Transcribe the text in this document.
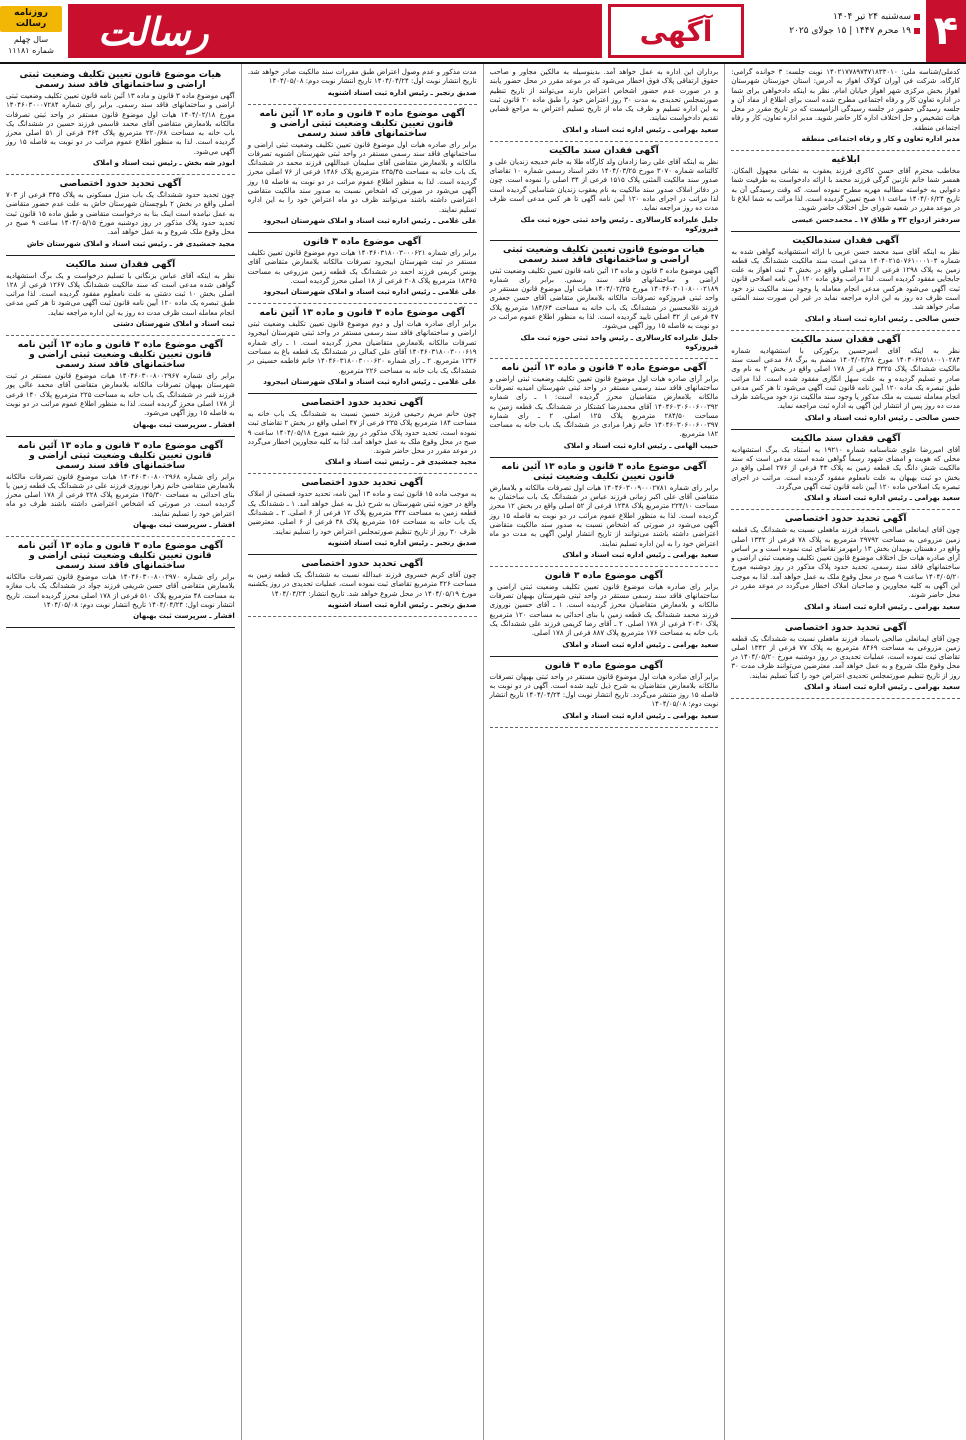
۴
سه‌شنبه ۲۴ تیر ۱۴۰۴
۱۹ محرم ۱۴۴۷ | ۱۵ جولای ۲۰۲۵
آگهی
رسالت
روزنامه رسالت
سال چهلم
شماره ۱۱۱۸۱

کدملی/شناسه ملی: ۱۴۰۲۱۷۷۸۹۷۴۷۱۸۳۳۰۱۰ نوبت جلسه: ۳ خوانده گرامی: کارگاه، شرکت فی آوران کولاک اهواز به آدرس: استان خوزستان شهرستان اهواز بخش مرکزی شهر اهواز خیابان امام. نظر به اینکه دادخواهی برای شما در اداره تعاون کار و رفاه اجتماعی مطرح شده است برای اطلاع از مفاد آن و جلسه رسیدگی حضور در جلسه رسیدگی الزامیست که در تاریخ مقرر در محل هیات تشخیص و حل اختلاف اداره کار حاضر شوید. مدیر اداره تعاون، کار و رفاه اجتماعی منطقه.

مدیر اداره تعاون و کار و رفاه اجتماعی منطقه

ابلاغیه

مخاطب محترم آقای حسن کاکری فرزند یعقوب به نشانی مجهول المکان. همسر شما خانم نازنین گرگی فرزند محمد با ارائه دادخواست به طرفیت شما دعوایی به خواسته مطالبه مهریه مطرح نموده است. که وقت رسیدگی آن به تاریخ ۱۴۰۴/۰۶/۲۴ ساعت ۱۱ صبح تعیین گردیده است. لذا مراتب به شما ابلاغ تا در موعد مقرر در شعبه شورای حل اختلاف حاضر شوید.

سردفتر ازدواج ۴۳ و طلاق ۱۷ ـ محمدحسن عیسی

آگهی فقدان سندمالکیت

نظر به اینکه آقای سید محمد حسن عربی با ارائه استشهادیه گواهی شده به شماره ۱۴۰۴۰۲۱۵۰۷۶۱۰۰۰۱۰۴ مدعی است سند مالکیت ششدانگ یک قطعه زمین به پلاک ۱۲۹۸ فرعی از ۲۱۲ اصلی واقع در بخش ۳ ثبت اهواز به علت جابجایی مفقود گردیده است. لذا مراتب وفق ماده ۱۲۰ آیین نامه اصلاحی قانون ثبت آگهی می‌شود هرکس مدعی انجام معامله یا وجود سند مالکیت نزد خود است ظرف ده روز به این اداره مراجعه نماید در غیر این صورت سند المثنی صادر خواهد شد.

حسن صالحی ـ رئیس اداره ثبت اسناد و املاک

آگهی فقدان سند مالکیت

نظر به اینکه آقای امیرحسین برکورکی با استشهادیه شماره ۱۴۰۴۰۶۲۵۱۸۰۰۱۰۲۸۴ مورخ ۱۴۰۴/۰۳/۲۸ منضم به برگ ۶۸ مدعی است سند مالکیت ششدانگ پلاک ۳۳۲۵ فرعی از ۱۷۸ اصلی واقع در بخش ۲ به نام وی صادر و تسلیم گردیده و به علت سهل انگاری مفقود شده است. لذا مراتب طبق تبصره یک ماده ۱۲۰ آیین نامه قانون ثبت آگهی می‌شود تا هر کس مدعی انجام معامله نسبت به ملک مذکور یا وجود سند مالکیت نزد خود می‌باشد ظرف مدت ده روز پس از انتشار این آگهی به اداره ثبت مراجعه نماید.

حسن صالحی ـ رئیس اداره ثبت اسناد و املاک

آگهی فقدان سند مالکیت

آقای امیررضا علوی شناسنامه شماره ۱۹۲۱۰ به استناد یک برگ استشهادیه محلی که هویت و امضای شهود رسماً گواهی شده است مدعی است که سند مالکیت شش دانگ یک قطعه زمین به پلاک ۴۳ فرعی از ۲۷۶ اصلی واقع در بخش دو ثبت بهبهان به علت نامعلوم مفقود گردیده است. مراتب در اجرای تبصره یک اصلاحی ماده ۱۲۰ آیین نامه قانون ثبت آگهی می‌گردد.

سعید بهرامی ـ رئیس اداره ثبت اسناد و املاک

آگهی تحدید حدود اختصاصی

چون آقای ایمانعلی صالحی باسماد فرزند ماهعلی نسبت به ششدانگ یک قطعه زمین مزروعی به مساحت ۲۹۷۹۲ مترمربع به پلاک ۷۸ فرعی از ۱۳۴۲ اصلی واقع در دهستان بوبیدان بخش ۱۳ رامهرمز تقاضای ثبت نموده است و بر اساس آرای صادره هیات حل اختلاف موضوع قانون تعیین تکلیف وضعیت ثبتی اراضی و ساختمانهای فاقد سند رسمی، تحدید حدود پلاک مذکور در روز دوشنبه مورخ ۱۴۰۴/۰۵/۲۰ ساعت ۹ صبح در محل وقوع ملک به عمل خواهد آمد. لذا به موجب این آگهی به کلیه مجاورین و صاحبان املاک اخطار می‌گردد در موعد مقرر در محل حاضر شوند.

سعید بهرامی ـ رئیس اداره ثبت اسناد و املاک

آگهی تحدید حدود اختصاصی

چون آقای ایمانعلی صالحی باسماد فرزند ماهعلی نسبت به ششدانگ یک قطعه زمین مزروعی به مساحت ۸۴۶۹ مترمربع به پلاک ۷۷ فرعی از ۱۳۴۲ اصلی تقاضای ثبت نموده است، عملیات تحدیدی در روز دوشنبه مورخ ۱۴۰۴/۰۵/۲۰ در محل وقوع ملک شروع و به عمل خواهد آمد. معترضین می‌توانند ظرف مدت ۳۰ روز از تاریخ تنظیم صورتمجلس تحدیدی اعتراض خود را کتباً تسلیم نمایند.

سعید بهرامی ـ رئیس اداره ثبت اسناد و املاک

برداران این اداره به عمل خواهد آمد. بدینوسیله به مالکین مجاور و صاحب حقوق ارتفاقی پلاک فوق اخطار می‌شود که در موعد مقرر در محل حضور یابند و در صورت عدم حضور اشخاص اعتراض دارند می‌توانند از تاریخ تنظیم صورتمجلس تحدیدی به مدت ۳۰ روز اعتراض خود را طبق ماده ۲۰ قانون ثبت به این اداره تسلیم و ظرف یک ماه از تاریخ تسلیم اعتراض به مراجع قضایی تقدیم دادخواست نمایند.

سعید بهرامی ـ رئیس اداره ثبت اسناد و املاک

آگهی فقدان سند مالکیت

نظر به اینکه آقای علی رضا زادمان ولد کارگاه طلا به خانم خدیجه زندیان علی و کالتنامه شماره ۳۰۷۰ مورخ ۱۴۰۴/۰۳/۲۵ دفتر اسناد رسمی شماره ۱۰ تقاضای صدور سند مالکیت المثنی پلاک ۱۵۱۵ فرعی از ۳۴ اصلی را نموده است. چون در دفاتر املاک صدور سند مالکیت به نام یعقوب زندیان شناسایی گردیده است لذا مراتب در اجرای ماده ۱۲۰ آیین نامه آگهی تا هر کس مدعی است ظرف مدت ده روز مراجعه نماید.

جلیل علیزاده کارسالاری ـ رئیس واحد ثبتی حوزه ثبت ملک فیروزکوه

هیات موضوع قانون تعیین تکلیف وضعیت ثبتی اراضی و ساختمانهای فاقد سند رسمی

آگهی موضوع ماده ۳ قانون و ماده ۱۳ آئین نامه قانون تعیین تکلیف وضعیت ثبتی اراضی و ساختمانهای فاقد سند رسمی. برابر رای شماره ۱۴۰۴۶۰۳۰۱۰۸۰۰۰۲۱۸۹ مورخ ۱۴۰۴/۰۲/۲۵ هیات اول موضوع قانون مستقر در واحد ثبتی فیروزکوه تصرفات مالکانه بلامعارض متقاضی آقای حسن جعفری فرزند غلامحسین در ششدانگ یک باب خانه به مساحت ۱۸۴/۶۴ مترمربع پلاک ۴۷ فرعی از ۳۲ اصلی تایید گردیده است. لذا به منظور اطلاع عموم مراتب در دو نوبت به فاصله ۱۵ روز آگهی می‌شود.

جلیل علیزاده کارسالاری ـ رئیس واحد ثبتی حوزه ثبت ملک فیروزکوه

آگهی موضوع ماده ۳ قانون و ماده ۱۳ آئین نامه

برابر آرای صادره هیات اول موضوع قانون تعیین تکلیف وضعیت ثبتی اراضی و ساختمانهای فاقد سند رسمی مستقر در واحد ثبتی شهرستان امیدیه تصرفات مالکانه بلامعارض متقاضیان محرز گردیده است: ۱ ـ رای شماره ۱۴۰۴۶۰۳۰۶۰۰۶۰۰۳۹۲ آقای محمدرضا کشتکار در ششدانگ یک قطعه زمین به مساحت ۲۸۴/۵۰ مترمربع پلاک ۱۲۵ اصلی. ۲ ـ رای شماره ۱۴۰۴۶۰۳۰۶۰۰۶۰۰۳۹۷ خانم زهرا مرادی در ششدانگ یک باب خانه به مساحت ۱۸۲ مترمربع.

حبیب الهامی ـ رئیس اداره ثبت اسناد و املاک

آگهی موضوع ماده ۳ قانون و ماده ۱۳ آئین نامه قانون تعیین تکلیف وضعیت ثبتی

برابر رای شماره ۱۴۰۴۶۰۳۰۰۹۰۰۰۲۷۸۱ هیات اول تصرفات مالکانه و بلامعارض متقاضی آقای علی اکبر زمانی فرزند عباس در ششدانگ یک باب ساختمان به مساحت ۲۲۴/۱۰ مترمربع پلاک ۱۲۳۸ فرعی از ۵۲ اصلی واقع در بخش ۱۲ محرز گردیده است. لذا به منظور اطلاع عموم مراتب در دو نوبت به فاصله ۱۵ روز آگهی می‌شود در صورتی که اشخاص نسبت به صدور سند مالکیت متقاضی اعتراضی داشته باشند می‌توانند از تاریخ انتشار اولین آگهی به مدت دو ماه اعتراض خود را به این اداره تسلیم نمایند.

سعید بهرامی ـ رئیس اداره ثبت اسناد و املاک

آگهی موضوع ماده ۳ قانون

برابر رای صادره هیات موضوع قانون تعیین تکلیف وضعیت ثبتی اراضی و ساختمانهای فاقد سند رسمی مستقر در واحد ثبتی شهرستان بهبهان تصرفات مالکانه و بلامعارض متقاضیان محرز گردیده است. ۱ ـ آقای حسین نوروزی فرزند محمد ششدانگ یک قطعه زمین با بنای احداثی به مساحت ۱۲۰ مترمربع پلاک ۲۰۳۰ فرعی از ۱۷۸ اصلی. ۲ ـ آقای رضا کریمی فرزند علی ششدانگ یک باب خانه به مساحت ۱۷۶ مترمربع پلاک ۸۸۷ فرعی از ۱۷۸ اصلی.

سعید بهرامی ـ رئیس اداره ثبت اسناد و املاک

آگهی موضوع ماده ۳ قانون

برابر آرای صادره هیات اول موضوع قانون مستقر در واحد ثبتی بهبهان تصرفات مالکانه بلامعارض متقاضیان به شرح ذیل تایید شده است. آگهی در دو نوبت به فاصله ۱۵ روز منتشر می‌گردد. تاریخ انتشار نوبت اول: ۱۴۰۴/۰۴/۲۴ تاریخ انتشار نوبت دوم: ۱۴۰۴/۰۵/۰۸

سعید بهرامی ـ رئیس اداره ثبت اسناد و املاک

مدت مذکور و عدم وصول اعتراض طبق مقررات سند مالکیت صادر خواهد شد. تاریخ انتشار نوبت اول: ۱۴۰۴/۰۴/۲۴ تاریخ انتشار نوبت دوم: ۱۴۰۴/۰۵/۰۸

صدیق رنجبر ـ رئیس اداره ثبت اسناد اشنویه

آگهی موضوع ماده ۳ قانون و ماده ۱۳ آئین نامه قانون تعیین تکلیف وضعیت ثبتی اراضی و ساختمانهای فاقد سند رسمی

برابر رای صادره هیات اول موضوع قانون تعیین تکلیف وضعیت ثبتی اراضی و ساختمانهای فاقد سند رسمی مستقر در واحد ثبتی شهرستان اشنویه تصرفات مالکانه و بلامعارض متقاضی آقای سلیمان عبداللهی فرزند محمد در ششدانگ یک باب خانه به مساحت ۲۳۵/۴۵ مترمربع پلاک ۱۴۸۶ فرعی از ۷۶ اصلی محرز گردیده است. لذا به منظور اطلاع عموم مراتب در دو نوبت به فاصله ۱۵ روز آگهی می‌شود در صورتی که اشخاص نسبت به صدور سند مالکیت متقاضی اعتراضی داشته باشند می‌توانند ظرف دو ماه اعتراض خود را به این اداره تسلیم نمایند.

علی غلامی ـ رئیس اداره ثبت اسناد و املاک شهرستان ابیجرود

آگهی موضوع ماده ۳ قانون

برابر رای شماره ۱۴۰۴۶۰۳۱۸۰۰۳۰۰۰۶۲۱ هیات دوم موضوع قانون تعیین تکلیف مستقر در ثبت شهرستان ابیجرود تصرفات مالکانه بلامعارض متقاضی آقای یونس کریمی فرزند احمد در ششدانگ یک قطعه زمین مزروعی به مساحت ۱۸۳۶۵ مترمربع پلاک ۲۰۸ فرعی از ۱۸ اصلی محرز گردیده است.

علی غلامی ـ رئیس اداره ثبت اسناد و املاک شهرستان ابیجرود

آگهی موضوع ماده ۳ قانون و ماده ۱۳ آئین نامه

برابر آرای صادره هیات اول و دوم موضوع قانون تعیین تکلیف وضعیت ثبتی اراضی و ساختمانهای فاقد سند رسمی مستقر در واحد ثبتی شهرستان ابیجرود تصرفات مالکانه بلامعارض متقاضیان محرز گردیده است. ۱ ـ رای شماره ۱۴۰۴۶۰۳۱۸۰۰۳۰۰۰۶۱۹ آقای علی کمالی در ششدانگ یک قطعه باغ به مساحت ۱۲۳۶ مترمربع. ۲ ـ رای شماره ۱۴۰۴۶۰۳۱۸۰۰۳۰۰۰۶۲۰ خانم فاطمه حسینی در ششدانگ یک باب خانه به مساحت ۲۲۶ مترمربع.

علی غلامی ـ رئیس اداره ثبت اسناد و املاک شهرستان ابیجرود

آگهی تحدید حدود اختصاصی

چون خانم مریم رحیمی فرزند حسین نسبت به ششدانگ یک باب خانه به مساحت ۱۸۴ مترمربع پلاک ۲۳۵ فرعی از ۴۷ اصلی واقع در بخش ۲ تقاضای ثبت نموده است، تحدید حدود پلاک مذکور در روز شنبه مورخ ۱۴۰۴/۰۵/۱۸ ساعت ۹ صبح در محل وقوع ملک به عمل خواهد آمد. لذا به کلیه مجاورین اخطار می‌گردد در موعد مقرر در محل حاضر شوند.

مجید جمشیدی فر ـ رئیس ثبت اسناد و املاک

آگهی تحدید حدود اختصاصی

به موجب ماده ۱۵ قانون ثبت و ماده ۱۳ آیین نامه، تحدید حدود قسمتی از املاک واقع در حوزه ثبتی شهرستان به شرح ذیل به عمل خواهد آمد. ۱ ـ ششدانگ یک قطعه زمین به مساحت ۳۴۲ مترمربع پلاک ۱۲ فرعی از ۶ اصلی. ۲ ـ ششدانگ یک باب خانه به مساحت ۱۵۶ مترمربع پلاک ۳۸ فرعی از ۶ اصلی. معترضین ظرف ۳۰ روز از تاریخ تنظیم صورتمجلس اعتراض خود را تسلیم نمایند.

صدیق رنجبر ـ رئیس اداره ثبت اسناد اشنویه

آگهی تحدید حدود اختصاصی

چون آقای کریم خسروی فرزند عبدالله نسبت به ششدانگ یک قطعه زمین به مساحت ۴۲۶ مترمربع تقاضای ثبت نموده است، عملیات تحدیدی در روز یکشنبه مورخ ۱۴۰۴/۰۵/۱۹ در محل شروع خواهد شد. تاریخ انتشار: ۱۴۰۴/۰۴/۲۴

صدیق رنجبر ـ رئیس اداره ثبت اسناد اشنویه

هیات موضوع قانون تعیین تکلیف وضعیت ثبتی اراضی و ساختمانهای فاقد سند رسمی

آگهی موضوع ماده ۳ قانون و ماده ۱۳ آئین نامه قانون تعیین تکلیف وضعیت ثبتی اراضی و ساختمانهای فاقد سند رسمی. برابر رای شماره ۱۴۰۴۶۰۳۰۰۰۷۲۸۴ مورخ ۱۴۰۴/۰۲/۱۸ هیات اول موضوع قانون مستقر در واحد ثبتی تصرفات مالکانه بلامعارض متقاضی آقای محمد قاسمی فرزند حسین در ششدانگ یک باب خانه به مساحت ۲۲۰/۶۸ مترمربع پلاک ۳۶۴ فرعی از ۵۱ اصلی محرز گردیده است. لذا به منظور اطلاع عموم مراتب در دو نوبت به فاصله ۱۵ روز آگهی می‌شود.

ابوذر شه بخش ـ رئیس ثبت اسناد و املاک

آگهی تحدید حدود اختصاصی

چون تحدید حدود ششدانگ یک باب منزل مسکونی به پلاک ۳۴۵ فرعی از ۷۰۳ اصلی واقع در بخش ۲ بلوچستان شهرستان خاش به علت عدم حضور متقاضی به عمل نیامده است اینک بنا به درخواست متقاضی و طبق ماده ۱۵ قانون ثبت تحدید حدود پلاک مذکور در روز دوشنبه مورخ ۱۴۰۴/۰۵/۱۵ ساعت ۹ صبح در محل وقوع ملک شروع و به عمل خواهد آمد.

مجید جمشیدی فر ـ رئیس ثبت اسناد و املاک شهرستان خاش

آگهی فقدان سند مالکیت

نظر به اینکه آقای عباس بزنگانی با تسلیم درخواست و یک برگ استشهادیه گواهی شده مدعی است که سند مالکیت ششدانگ پلاک ۱۲۶۷ فرعی از ۱۲۸ اصلی بخش ۱۰ ثبت دشتی به علت نامعلوم مفقود گردیده است. لذا مراتب طبق تبصره یک ماده ۱۲۰ آیین نامه قانون ثبت آگهی می‌شود تا هر کس مدعی انجام معامله است ظرف مدت ده روز به این اداره مراجعه نماید.

ثبت اسناد و املاک شهرستان دشتی

آگهی موضوع ماده ۳ قانون و ماده ۱۳ آئین نامه قانون تعیین تکلیف وضعیت ثبتی اراضی و ساختمانهای فاقد سند رسمی

برابر رای شماره ۱۴۰۴۶۰۳۰۰۸۰۰۲۹۶۷ هیات موضوع قانون مستقر در ثبت شهرستان بهبهان تصرفات مالکانه بلامعارض متقاضی آقای محمد عالی پور فرزند قنبر در ششدانگ یک باب خانه به مساحت ۲۲۵ مترمربع پلاک ۱۴۰ فرعی از ۱۷۸ اصلی محرز گردیده است. لذا به منظور اطلاع عموم مراتب در دو نوبت به فاصله ۱۵ روز آگهی می‌شود.

افشار ـ سرپرست ثبت بهبهان

آگهی موضوع ماده ۳ قانون و ماده ۱۳ آئین نامه قانون تعیین تکلیف وضعیت ثبتی اراضی و ساختمانهای فاقد سند رسمی

برابر رای شماره ۱۴۰۴۶۰۳۰۰۸۰۰۲۹۶۸ هیات موضوع قانون تصرفات مالکانه بلامعارض متقاضی خانم زهرا نوروزی فرزند علی در ششدانگ یک قطعه زمین با بنای احداثی به مساحت ۱۴۵/۳۰ مترمربع پلاک ۲۲۸ فرعی از ۱۷۸ اصلی محرز گردیده است. در صورتی که اشخاص اعتراضی داشته باشند ظرف دو ماه اعتراض خود را تسلیم نمایند.

افشار ـ سرپرست ثبت بهبهان

آگهی موضوع ماده ۳ قانون و ماده ۱۳ آئین نامه قانون تعیین تکلیف وضعیت ثبتی اراضی و ساختمانهای فاقد سند رسمی

برابر رای شماره ۱۴۰۴۶۰۳۰۰۸۰۰۲۹۷۰ هیات موضوع قانون تصرفات مالکانه بلامعارض متقاضی آقای حسن شریفی فرزند جواد در ششدانگ یک باب مغازه به مساحت ۴۸ مترمربع پلاک ۵۱۰ فرعی از ۱۷۸ اصلی محرز گردیده است. تاریخ انتشار نوبت اول: ۱۴۰۴/۰۴/۲۴ تاریخ انتشار نوبت دوم: ۱۴۰۴/۰۵/۰۸

افشار ـ سرپرست ثبت بهبهان
